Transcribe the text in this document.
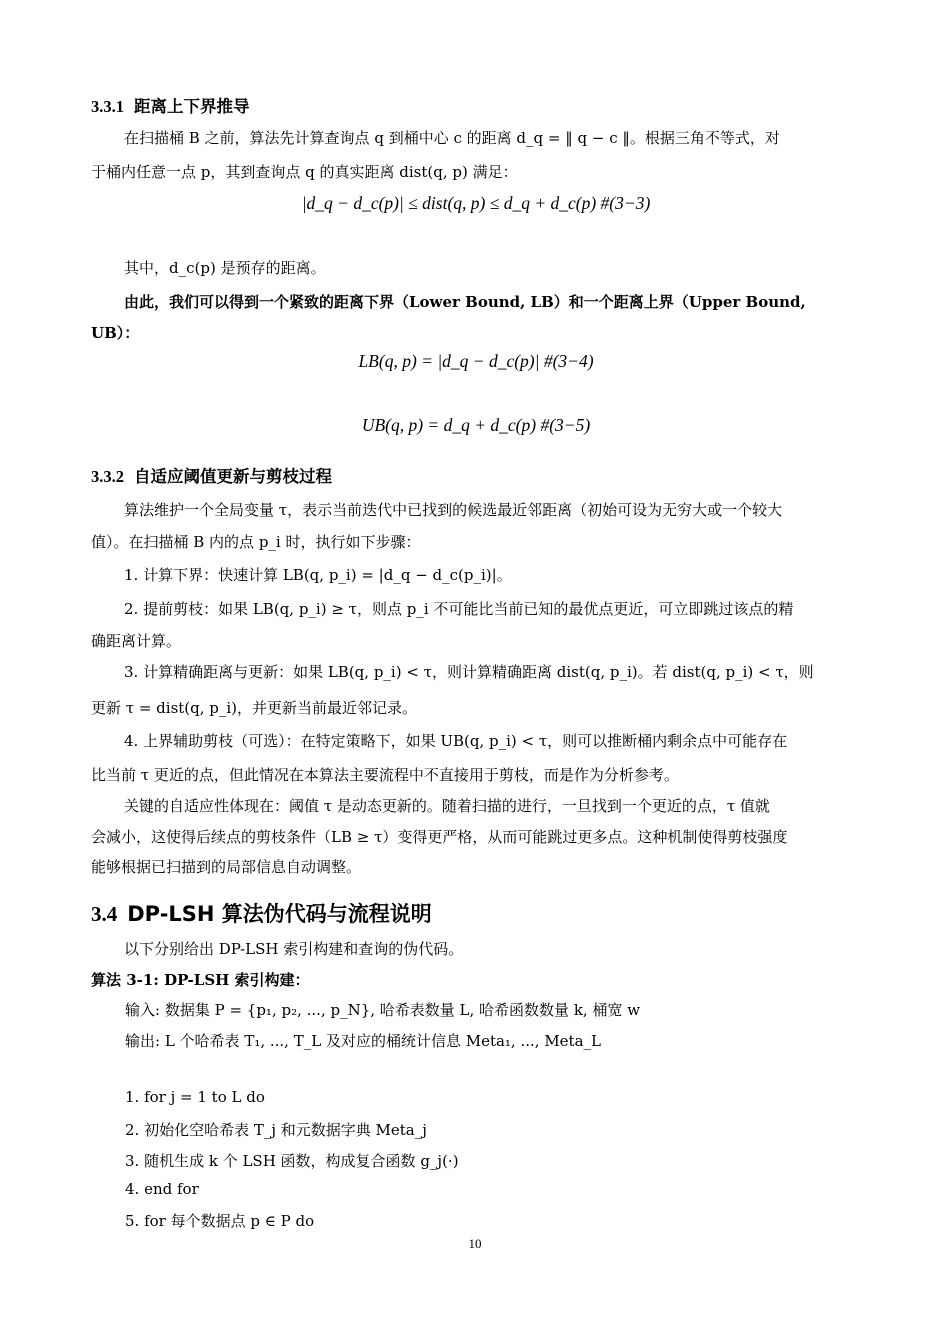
3.3.1 距离上下界推导
在扫描桶 B 之前，算法先计算查询点 q 到桶中心 c 的距离 d_q = ‖ q − c ‖。根据三角不等式，对
于桶内任意一点 p，其到查询点 q 的真实距离 dist(q, p) 满足：
|d_q − d_c(p)| ≤ dist(q, p) ≤ d_q + d_c(p) #(3−3)
其中，d_c(p) 是预存的距离。
由此，我们可以得到一个紧致的距离下界（Lower Bound, LB）和一个距离上界（Upper Bound,
UB）：
LB(q, p) = |d_q − d_c(p)| #(3−4)
UB(q, p) = d_q + d_c(p) #(3−5)
3.3.2 自适应阈值更新与剪枝过程
算法维护一个全局变量 τ，表示当前迭代中已找到的候选最近邻距离（初始可设为无穷大或一个较大
值）。在扫描桶 B 内的点 p_i 时，执行如下步骤：
1. 计算下界：快速计算 LB(q, p_i) = |d_q − d_c(p_i)|。
2. 提前剪枝：如果 LB(q, p_i) ≥ τ，则点 p_i 不可能比当前已知的最优点更近，可立即跳过该点的精
确距离计算。
3. 计算精确距离与更新：如果 LB(q, p_i) < τ，则计算精确距离 dist(q, p_i)。若 dist(q, p_i) < τ，则
更新 τ = dist(q, p_i)，并更新当前最近邻记录。
4. 上界辅助剪枝（可选）：在特定策略下，如果 UB(q, p_i) < τ，则可以推断桶内剩余点中可能存在
比当前 τ 更近的点，但此情况在本算法主要流程中不直接用于剪枝，而是作为分析参考。
关键的自适应性体现在：阈值 τ 是动态更新的。随着扫描的进行，一旦找到一个更近的点，τ 值就
会减小，这使得后续点的剪枝条件（LB ≥ τ）变得更严格，从而可能跳过更多点。这种机制使得剪枝强度
能够根据已扫描到的局部信息自动调整。
3.4 DP-LSH 算法伪代码与流程说明
以下分别给出 DP-LSH 索引构建和查询的伪代码。
算法 3-1: DP-LSH 索引构建：
输入: 数据集 P = {p₁, p₂, ..., p_N}, 哈希表数量 L, 哈希函数数量 k, 桶宽 w
输出: L 个哈希表 T₁, ..., T_L 及对应的桶统计信息 Meta₁, ..., Meta_L
1. for j = 1 to L do
2. 初始化空哈希表 T_j 和元数据字典 Meta_j
3. 随机生成 k 个 LSH 函数，构成复合函数 g_j(·)
4. end for
5. for 每个数据点 p ∈ P do
10
